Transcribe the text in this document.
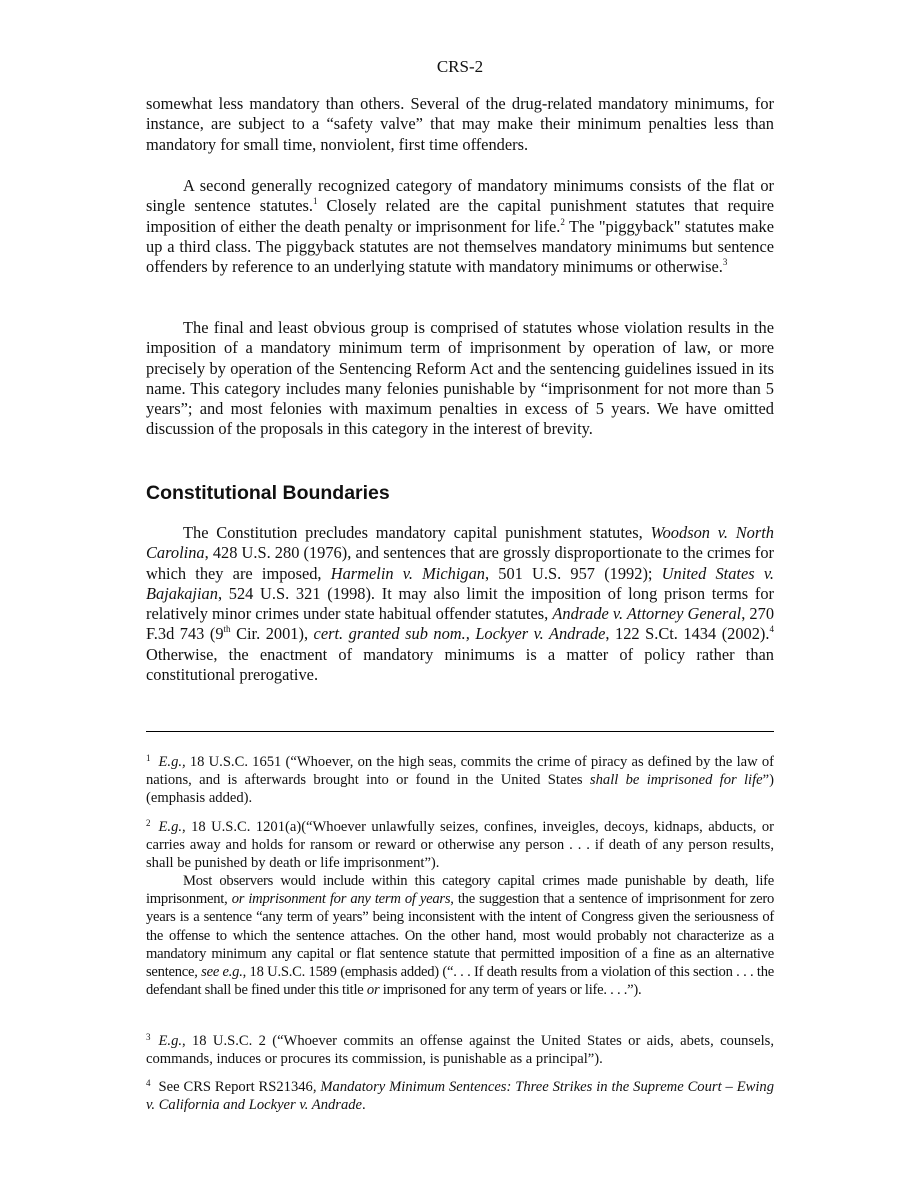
CRS-2

somewhat less mandatory than others. Several of the drug-related mandatory minimums, for instance, are subject to a “safety valve” that may make their minimum penalties less than mandatory for small time, nonviolent, first time offenders.

A second generally recognized category of mandatory minimums consists of the flat or single sentence statutes.$^1$ Closely related are the capital punishment statutes that require imposition of either the death penalty or imprisonment for life.$^2$ The "piggyback" statutes make up a third class. The piggyback statutes are not themselves mandatory minimums but sentence offenders by reference to an underlying statute with mandatory minimums or otherwise.$^3$

The final and least obvious group is comprised of statutes whose violation results in the imposition of a mandatory minimum term of imprisonment by operation of law, or more precisely by operation of the Sentencing Reform Act and the sentencing guidelines issued in its name. This category includes many felonies punishable by “imprisonment for not more than 5 years”; and most felonies with maximum penalties in excess of 5 years. We have omitted discussion of the proposals in this category in the interest of brevity.

Constitutional Boundaries

The Constitution precludes mandatory capital punishment statutes, Woodson v. North Carolina, 428 U.S. 280 (1976), and sentences that are grossly disproportionate to the crimes for which they are imposed, Harmelin v. Michigan, 501 U.S. 957 (1992); United States v. Bajakajian, 524 U.S. 321 (1998). It may also limit the imposition of long prison terms for relatively minor crimes under state habitual offender statutes, Andrade v. Attorney General, 270 F.3d 743 (9th Cir. 2001), cert. granted sub nom., Lockyer v. Andrade, 122 S.Ct. 1434 (2002).$^4$ Otherwise, the enactment of mandatory minimums is a matter of policy rather than constitutional prerogative.

$^1$ E.g., 18 U.S.C. 1651 (“Whoever, on the high seas, commits the crime of piracy as defined by the law of nations, and is afterwards brought into or found in the United States shall be imprisoned for life”)(emphasis added).

$^2$ E.g., 18 U.S.C. 1201(a)(“Whoever unlawfully seizes, confines, inveigles, decoys, kidnaps, abducts, or carries away and holds for ransom or reward or otherwise any person . . . if death of any person results, shall be punished by death or life imprisonment”).

Most observers would include within this category capital crimes made punishable by death, life imprisonment, or imprisonment for any term of years, the suggestion that a sentence of imprisonment for zero years is a sentence “any term of years” being inconsistent with the intent of Congress given the seriousness of the offense to which the sentence attaches. On the other hand, most would probably not characterize as a mandatory minimum any capital or flat sentence statute that permitted imposition of a fine as an alternative sentence, see e.g., 18 U.S.C. 1589 (emphasis added) (“. . . If death results from a violation of this section . . . the defendant shall be fined under this title or imprisoned for any term of years or life. . . .”).

$^3$ E.g., 18 U.S.C. 2 (“Whoever commits an offense against the United States or aids, abets, counsels, commands, induces or procures its commission, is punishable as a principal”).

$^4$ See CRS Report RS21346, Mandatory Minimum Sentences: Three Strikes in the Supreme Court – Ewing v. California and Lockyer v. Andrade.
